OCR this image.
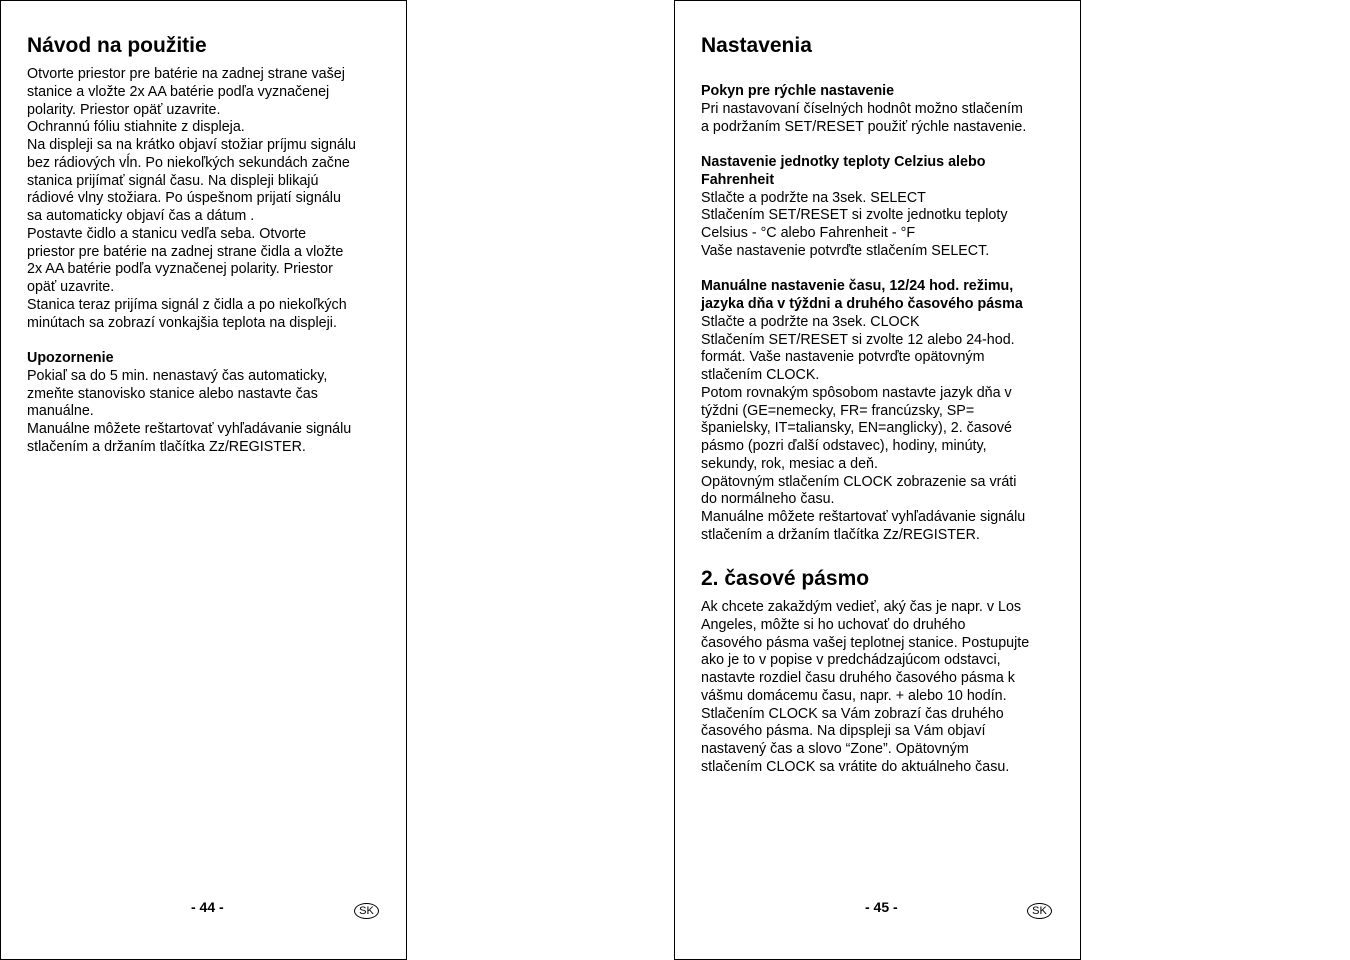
Návod na použitie
Otvorte priestor pre batérie na zadnej strane vašej
stanice a vložte 2x AA batérie podľa vyznačenej
polarity. Priestor opäť uzavrite.
Ochrannú fóliu stiahnite z displeja.
Na displeji sa na krátko objaví stožiar príjmu signálu
bez rádiových vĺn. Po niekoľkých sekundách začne
stanica prijímať signál času. Na displeji blikajú
rádiové vlny stožiara. Po úspešnom prijatí signálu
sa automaticky objaví čas a dátum .
Postavte čidlo a stanicu vedľa seba. Otvorte
priestor pre batérie na zadnej strane čidla a vložte
2x AA batérie podľa vyznačenej polarity. Priestor
opäť uzavrite.
Stanica teraz prijíma signál z čidla a po niekoľkých
minútach sa zobrazí vonkajšia teplota na displeji.
Upozornenie
Pokiaľ sa do 5 min. nenastavý čas automaticky,
zmeňte stanovisko stanice alebo nastavte čas
manuálne.
Manuálne môžete reštartovať vyhľadávanie signálu
stlačením a držaním tlačítka Zz/REGISTER.
- 44 -	SK
Nastavenia
Pokyn pre rýchle nastavenie
Pri nastavovaní číselných hodnôt možno stlačením
a podržaním SET/RESET použiť rýchle nastavenie.
Nastavenie jednotky teploty Celzius alebo
Fahrenheit
Stlačte a podržte na 3sek. SELECT
Stlačením SET/RESET si zvolte jednotku teploty
Celsius - °C alebo Fahrenheit - °F
Vaše nastavenie potvrďte stlačením SELECT.
Manuálne nastavenie času, 12/24 hod. režimu,
jazyka dňa v týždni a druhého časového pásma
Stlačte a podržte na 3sek. CLOCK
Stlačením SET/RESET si zvolte 12 alebo 24-hod.
formát. Vaše nastavenie potvrďte opätovným
stlačením CLOCK.
Potom rovnakým spôsobom nastavte jazyk dňa v
týždni (GE=nemecky, FR= francúzsky, SP=
španielsky, IT=taliansky, EN=anglicky), 2. časové
pásmo (pozri ďalší odstavec), hodiny, minúty,
sekundy, rok, mesiac a deň.
Opätovným stlačením CLOCK zobrazenie sa vráti
do normálneho času.
Manuálne môžete reštartovať vyhľadávanie signálu
stlačením a držaním tlačítka Zz/REGISTER.
2. časové pásmo
Ak chcete zakaždým vedieť, aký čas je napr. v Los
Angeles, môžte si ho uchovať do druhého
časového pásma vašej teplotnej stanice. Postupujte
ako je to v popise v predchádzajúcom odstavci,
nastavte rozdiel času druhého časového pásma k
vášmu domácemu času, napr. + alebo 10 hodín.
Stlačením CLOCK sa Vám zobrazí čas druhého
časového pásma. Na dipspleji sa Vám objaví
nastavený čas a slovo “Zone”. Opätovným
stlačením CLOCK sa vrátite do aktuálneho času.
- 45 -	SK
